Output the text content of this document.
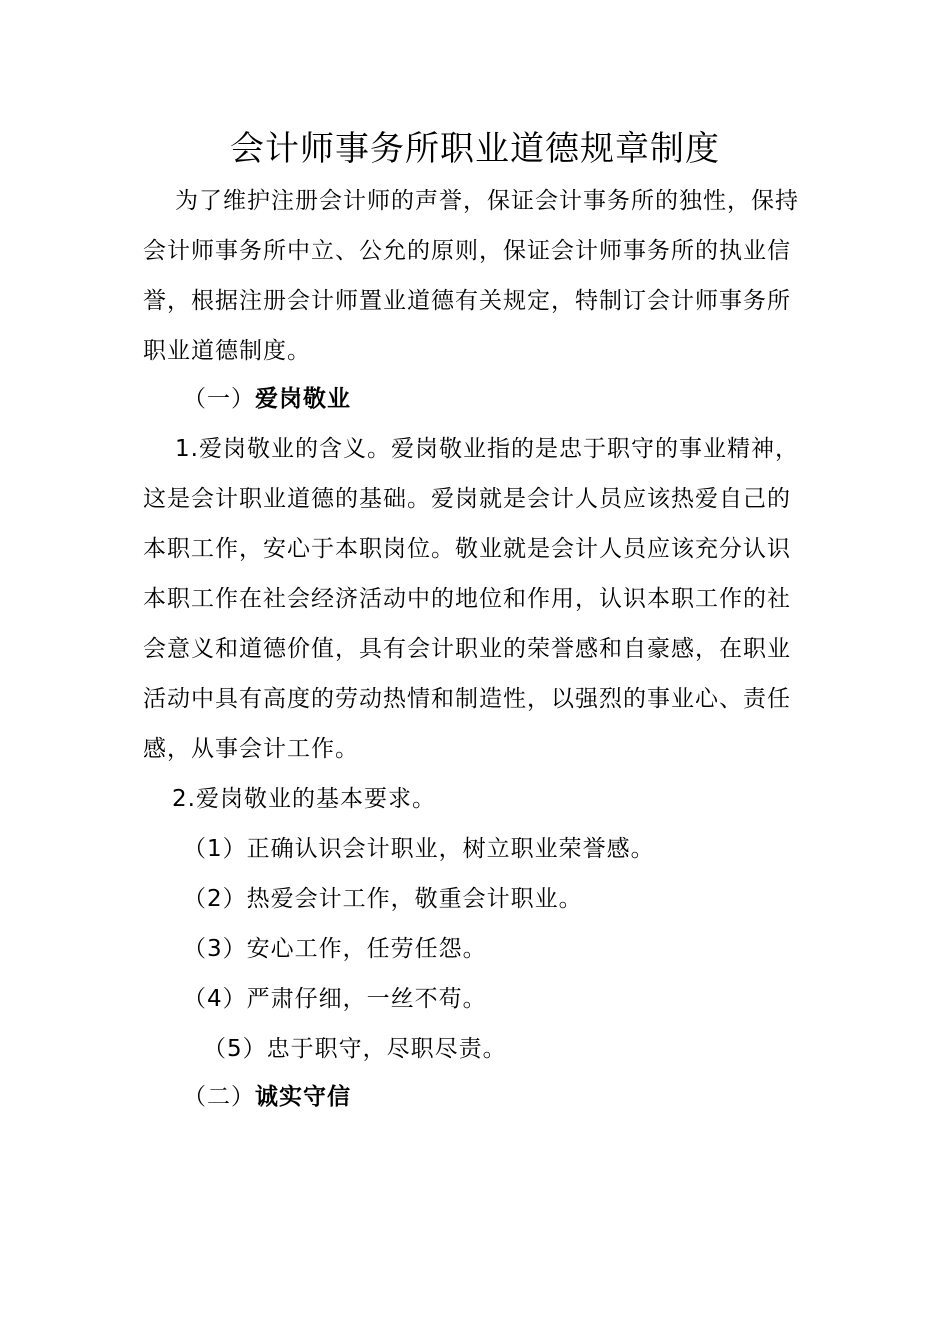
会计师事务所职业道德规章制度

为了维护注册会计师的声誉，保证会计事务所的独性，保持会计师事务所中立、公允的原则，保证会计师事务所的执业信誉，根据注册会计师置业道德有关规定，特制订会计师事务所职业道德制度。

（一）爱岗敬业

1.爱岗敬业的含义。爱岗敬业指的是忠于职守的事业精神，这是会计职业道德的基础。爱岗就是会计人员应该热爱自己的本职工作，安心于本职岗位。敬业就是会计人员应该充分认识本职工作在社会经济活动中的地位和作用，认识本职工作的社会意义和道德价值，具有会计职业的荣誉感和自豪感，在职业活动中具有高度的劳动热情和制造性，以强烈的事业心、责任感，从事会计工作。

2.爱岗敬业的基本要求。
（1）正确认识会计职业，树立职业荣誉感。
（2）热爱会计工作，敬重会计职业。
（3）安心工作，任劳任怨。
（4）严肃仔细，一丝不苟。
（5）忠于职守，尽职尽责。
（二）诚实守信
